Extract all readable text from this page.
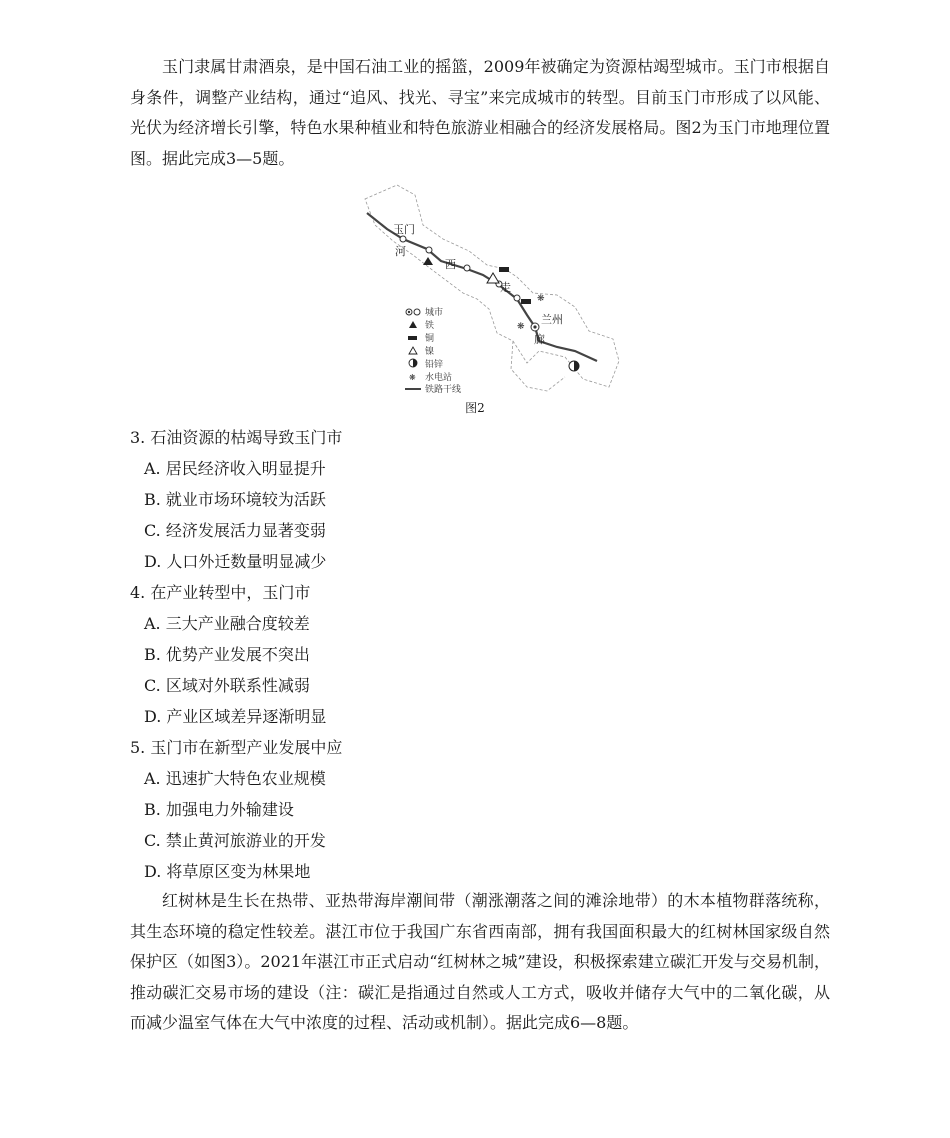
玉门隶属甘肃酒泉，是中国石油工业的摇篮，2009年被确定为资源枯竭型城市。玉门市根据自身条件，调整产业结构，通过“追风、找光、寻宝”来完成城市的转型。目前玉门市形成了以风能、光伏为经济增长引擎，特色水果种植业和特色旅游业相融合的经济发展格局。图2为玉门市地理位置图。据此完成3—5题。

❋
❋
玉门
河
西
走
兰州
廊
城市
铁
铜
镍
铅锌
❋ 水电站
铁路干线
图2
3. 石油资源的枯竭导致玉门市
A. 居民经济收入明显提升
B. 就业市场环境较为活跃
C. 经济发展活力显著变弱
D. 人口外迁数量明显减少
4. 在产业转型中，玉门市
A. 三大产业融合度较差
B. 优势产业发展不突出
C. 区域对外联系性减弱
D. 产业区域差异逐渐明显
5. 玉门市在新型产业发展中应
A. 迅速扩大特色农业规模
B. 加强电力外输建设
C. 禁止黄河旅游业的开发
D. 将草原区变为林果地

红树林是生长在热带、亚热带海岸潮间带（潮涨潮落之间的滩涂地带）的木本植物群落统称，其生态环境的稳定性较差。湛江市位于我国广东省西南部，拥有我国面积最大的红树林国家级自然保护区（如图3）。2021年湛江市正式启动“红树林之城”建设，积极探索建立碳汇开发与交易机制，推动碳汇交易市场的建设（注：碳汇是指通过自然或人工方式，吸收并储存大气中的二氧化碳，从而减少温室气体在大气中浓度的过程、活动或机制）。据此完成6—8题。
